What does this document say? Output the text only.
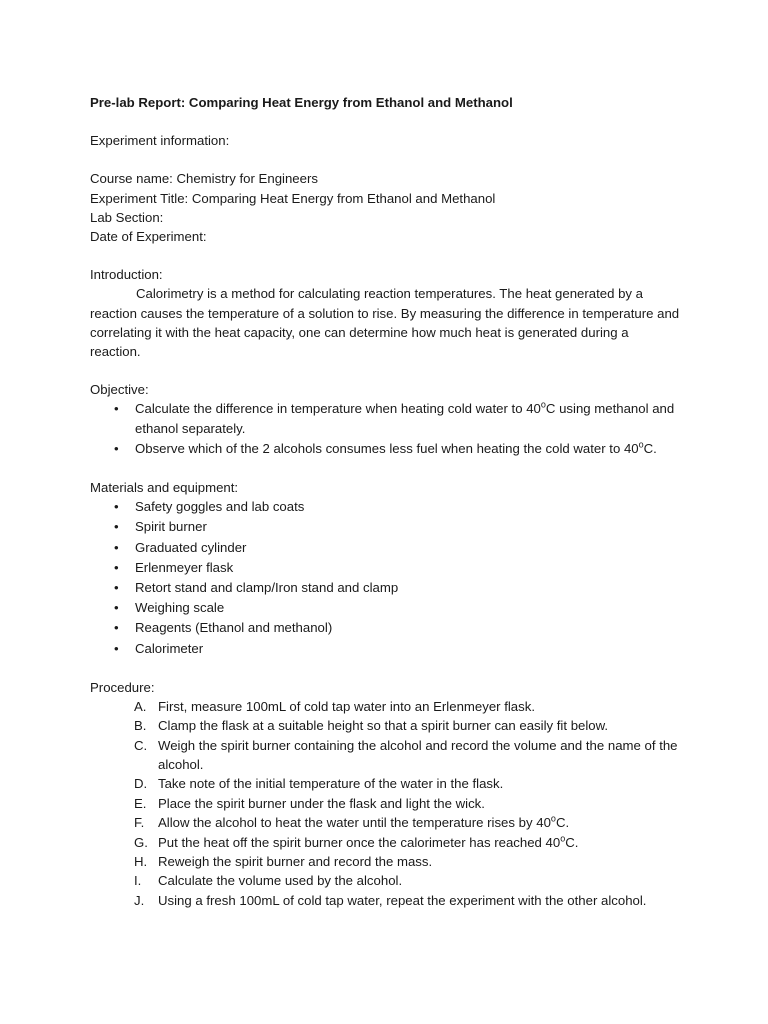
Pre-lab Report: Comparing Heat Energy from Ethanol and Methanol

Experiment information:

Course name: Chemistry for Engineers

Experiment Title: Comparing Heat Energy from Ethanol and Methanol

Lab Section:

Date of Experiment:

Introduction:

Calorimetry is a method for calculating reaction temperatures. The heat generated by a reaction causes the temperature of a solution to rise. By measuring the difference in temperature and correlating it with the heat capacity, one can determine how much heat is generated during a reaction.

Objective:

• Calculate the difference in temperature when heating cold water to 40$^o$C using methanol and ethanol separately.
• Observe which of the 2 alcohols consumes less fuel when heating the cold water to 40$^o$C.

Materials and equipment:

• Safety goggles and lab coats
• Spirit burner
• Graduated cylinder
• Erlenmeyer flask
• Retort stand and clamp/Iron stand and clamp
• Weighing scale
• Reagents (Ethanol and methanol)
• Calorimeter

Procedure:

A. First, measure 100mL of cold tap water into an Erlenmeyer flask.
B. Clamp the flask at a suitable height so that a spirit burner can easily fit below.
C. Weigh the spirit burner containing the alcohol and record the volume and the name of the alcohol.
D. Take note of the initial temperature of the water in the flask.
E. Place the spirit burner under the flask and light the wick.
F. Allow the alcohol to heat the water until the temperature rises by 40$^o$C.
G. Put the heat off the spirit burner once the calorimeter has reached 40$^o$C.
H. Reweigh the spirit burner and record the mass.
I. Calculate the volume used by the alcohol.
J. Using a fresh 100mL of cold tap water, repeat the experiment with the other alcohol.
